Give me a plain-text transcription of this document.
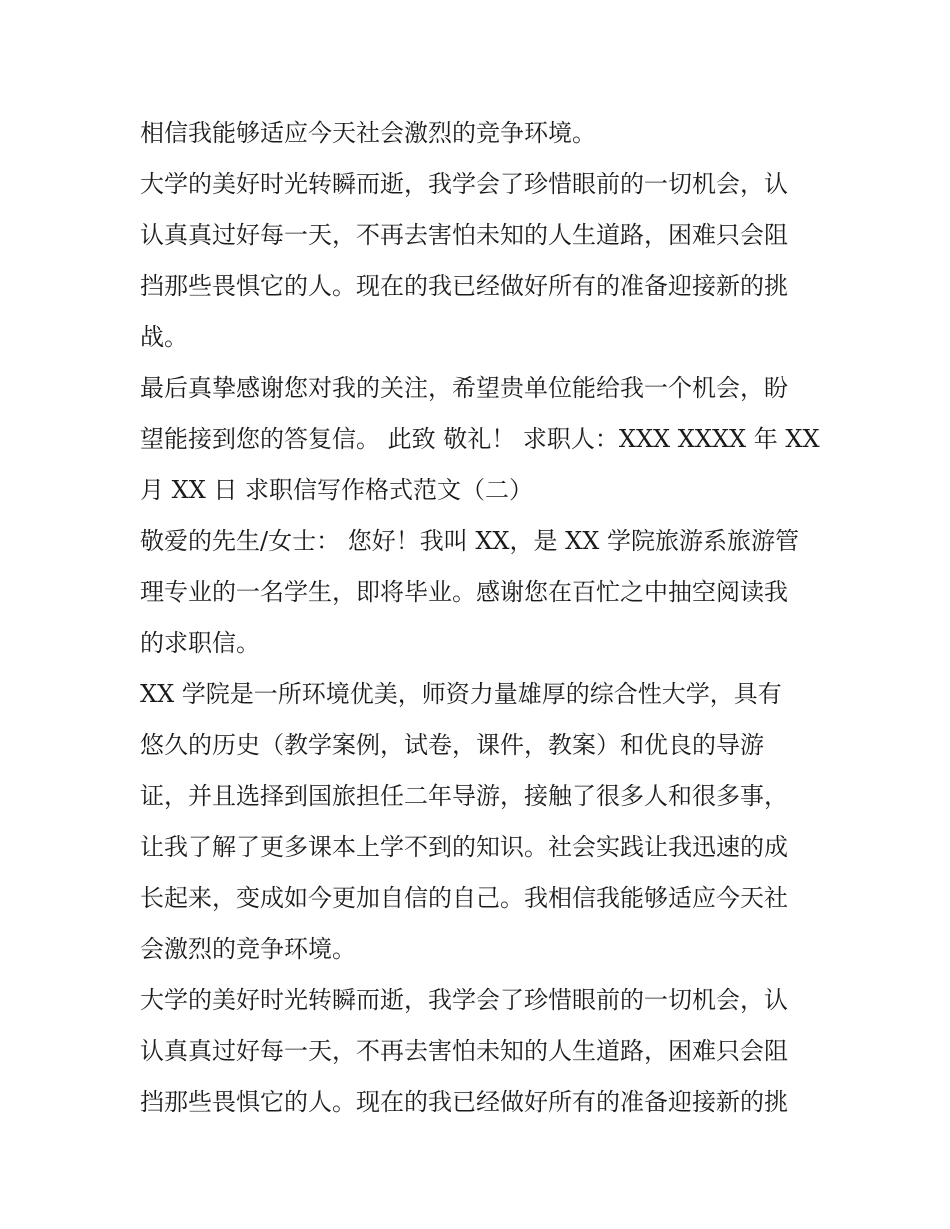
相信我能够适应今天社会激烈的竞争环境。
大学的美好时光转瞬而逝，我学会了珍惜眼前的一切机会，认
认真真过好每一天，不再去害怕未知的人生道路，困难只会阻
挡那些畏惧它的人。现在的我已经做好所有的准备迎接新的挑
战。
最后真挚感谢您对我的关注，希望贵单位能给我一个机会，盼
望能接到您的答复信。 此致 敬礼！ 求职人：XXX XXXX 年 XX
月 XX 日 求职信写作格式范文（二）
敬爱的先生/女士： 您好！我叫 XX，是 XX 学院旅游系旅游管
理专业的一名学生，即将毕业。感谢您在百忙之中抽空阅读我
的求职信。
XX 学院是一所环境优美，师资力量雄厚的综合性大学，具有
悠久的历史（教学案例，试卷，课件，教案）和优良的导游
证，并且选择到国旅担任二年导游，接触了很多人和很多事，
让我了解了更多课本上学不到的知识。社会实践让我迅速的成
长起来，变成如今更加自信的自己。我相信我能够适应今天社
会激烈的竞争环境。
大学的美好时光转瞬而逝，我学会了珍惜眼前的一切机会，认
认真真过好每一天，不再去害怕未知的人生道路，困难只会阻
挡那些畏惧它的人。现在的我已经做好所有的准备迎接新的挑
